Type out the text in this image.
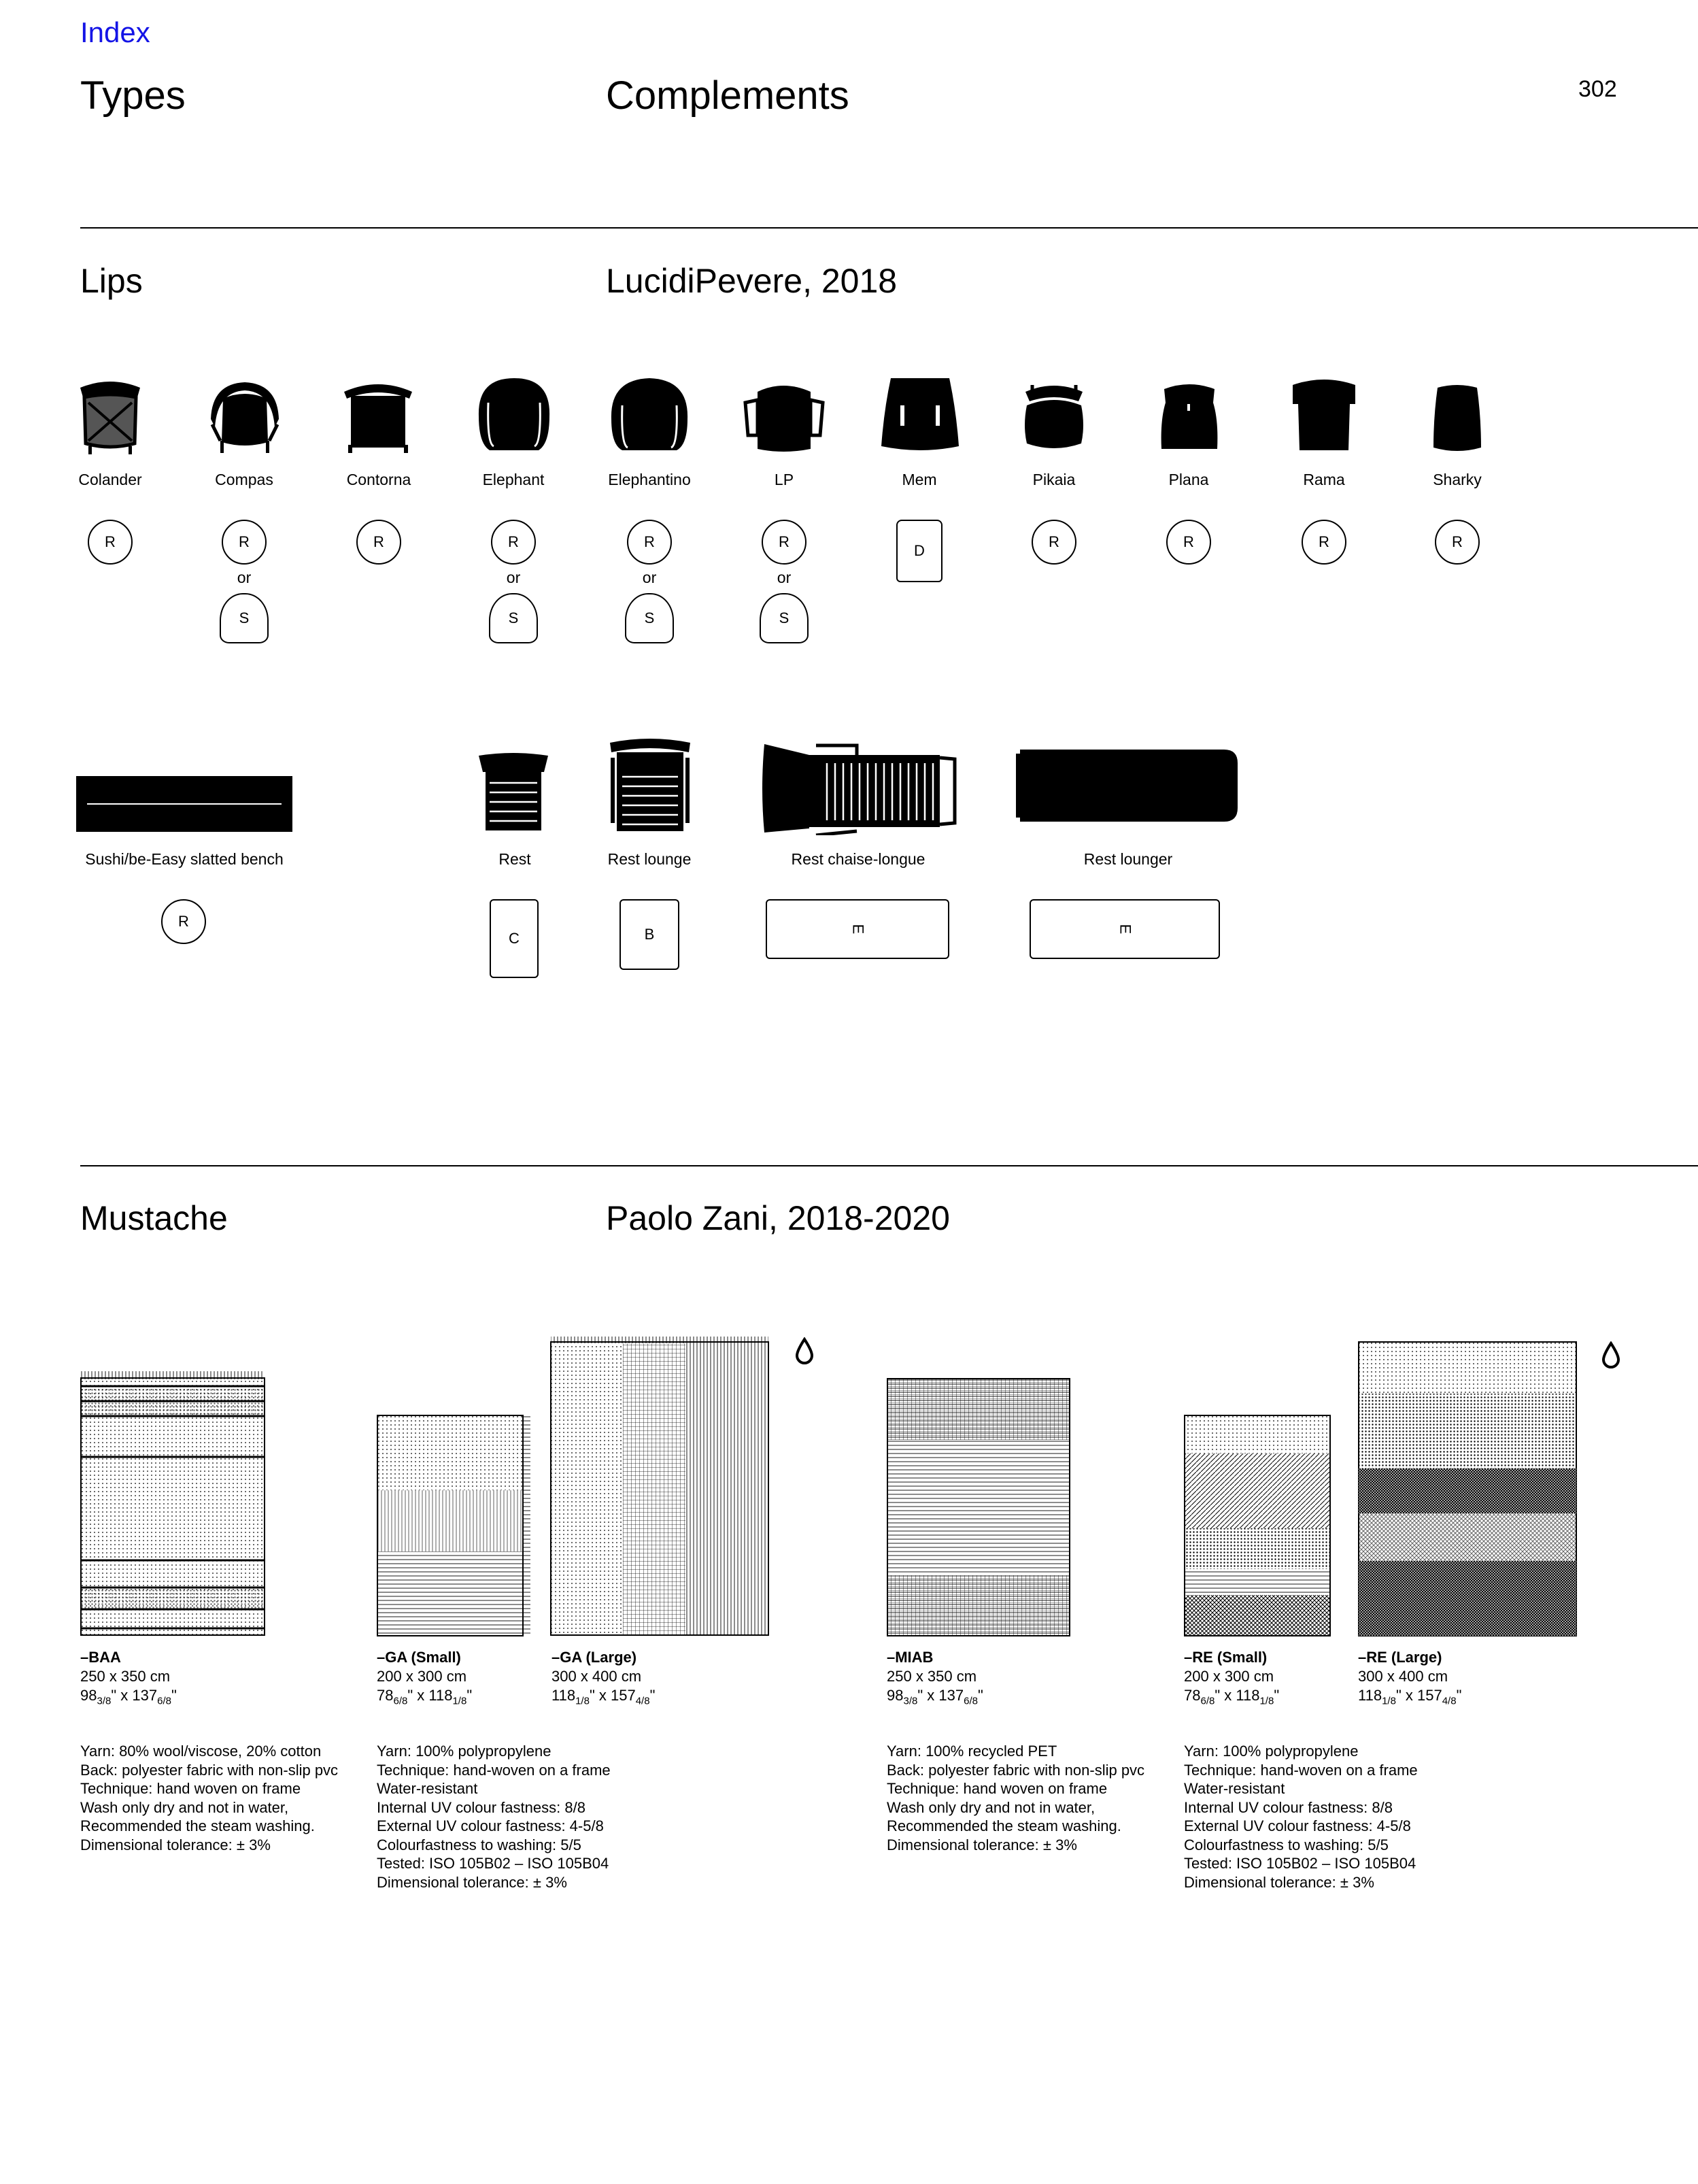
Index
Types	Complements	302
Lips	LucidiPevere, 2018
Colander
R
Compas
R
or
S
Contorna
R
Elephant
R
or
S
Elephantino
R
or
S
LP
R
or
S
Mem
D
Pikaia
R
Plana
R
Rama
R
Sharky
R
Sushi/be-Easy slatted bench
R
Rest	Rest lounge	Rest chaise-longue	Rest lounger
C	B	E	E
Mustache	Paolo Zani, 2018-2020
–BAA
250 x 350 cm
$98_{3/8}$" x $137_{6/8}$"
–GA (Small)
200 x 300 cm
$78_{6/8}$" x $118_{1/8}$"
–GA (Large)
300 x 400 cm
$118_{1/8}$" x $157_{4/8}$"
–MIAB
250 x 350 cm
$98_{3/8}$" x $137_{6/8}$"
–RE (Small)
200 x 300 cm
$78_{6/8}$" x $118_{1/8}$"
–RE (Large)
300 x 400 cm
$118_{1/8}$" x $157_{4/8}$"
Yarn: 80% wool/viscose, 20% cotton
Back: polyester fabric with non-slip pvc
Technique: hand woven on frame
Wash only dry and not in water,
Recommended the steam washing.
Dimensional tolerance: ± 3%
Yarn: 100% polypropylene
Technique: hand-woven on a frame
Water-resistant
Internal UV colour fastness: 8/8
External UV colour fastness: 4-5/8
Colourfastness to washing: 5/5
Tested: ISO 105B02 – ISO 105B04
Dimensional tolerance: ± 3%
Yarn: 100% recycled PET
Back: polyester fabric with non-slip pvc
Technique: hand woven on frame
Wash only dry and not in water,
Recommended the steam washing.
Dimensional tolerance: ± 3%
Yarn: 100% polypropylene
Technique: hand-woven on a frame
Water-resistant
Internal UV colour fastness: 8/8
External UV colour fastness: 4-5/8
Colourfastness to washing: 5/5
Tested: ISO 105B02 – ISO 105B04
Dimensional tolerance: ± 3%
